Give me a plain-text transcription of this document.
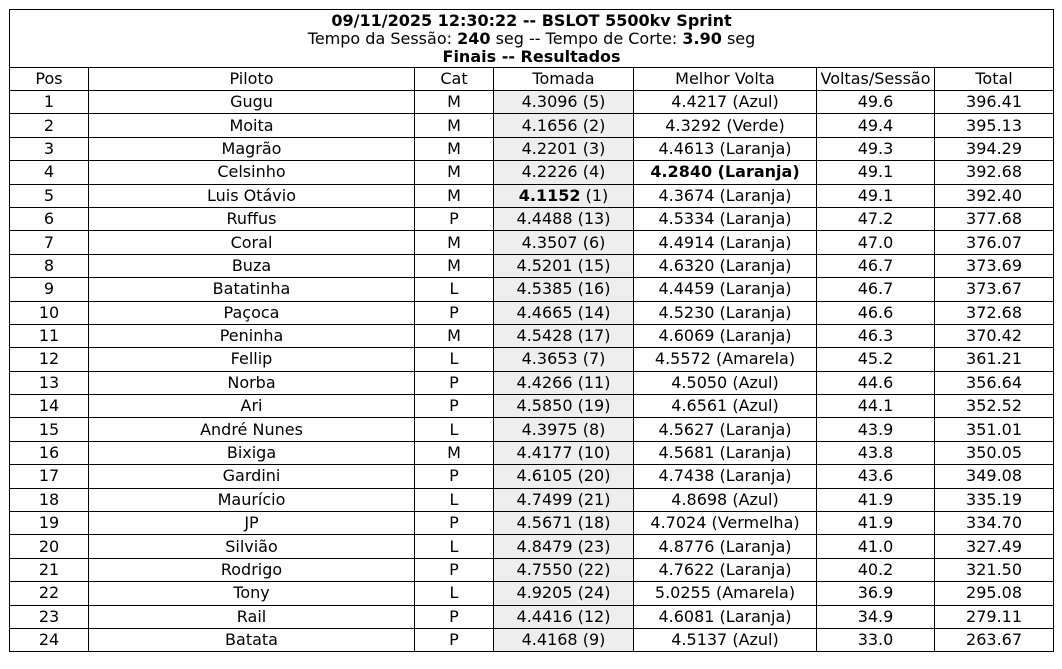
09/11/2025 12:30:22 -- BSLOT 5500kv Sprint
Tempo da Sessão: 240 seg -- Tempo de Corte: 3.90 seg
Finais -- Resultados						

Pos	Piloto	Cat	Tomada	Melhor Volta	Voltas/Sessão	Total
1	Gugu	M	4.3096 (5)	4.4217 (Azul)	49.6	396.41
2	Moita	M	4.1656 (2)	4.3292 (Verde)	49.4	395.13
3	Magrão	M	4.2201 (3)	4.4613 (Laranja)	49.3	394.29
4	Celsinho	M	4.2226 (4)	4.2840 (Laranja)	49.1	392.68
5	Luis Otávio	M	4.1152 (1)	4.3674 (Laranja)	49.1	392.40
6	Ruffus	P	4.4488 (13)	4.5334 (Laranja)	47.2	377.68
7	Coral	M	4.3507 (6)	4.4914 (Laranja)	47.0	376.07
8	Buza	M	4.5201 (15)	4.6320 (Laranja)	46.7	373.69
9	Batatinha	L	4.5385 (16)	4.4459 (Laranja)	46.7	373.67
10	Paçoca	P	4.4665 (14)	4.5230 (Laranja)	46.6	372.68
11	Peninha	M	4.5428 (17)	4.6069 (Laranja)	46.3	370.42
12	Fellip	L	4.3653 (7)	4.5572 (Amarela)	45.2	361.21
13	Norba	P	4.4266 (11)	4.5050 (Azul)	44.6	356.64
14	Ari	P	4.5850 (19)	4.6561 (Azul)	44.1	352.52
15	André Nunes	L	4.3975 (8)	4.5627 (Laranja)	43.9	351.01
16	Bixiga	M	4.4177 (10)	4.5681 (Laranja)	43.8	350.05
17	Gardini	P	4.6105 (20)	4.7438 (Laranja)	43.6	349.08
18	Maurício	L	4.7499 (21)	4.8698 (Azul)	41.9	335.19
19	JP	P	4.5671 (18)	4.7024 (Vermelha)	41.9	334.70
20	Silvião	L	4.8479 (23)	4.8776 (Laranja)	41.0	327.49
21	Rodrigo	P	4.7550 (22)	4.7622 (Laranja)	40.2	321.50
22	Tony	L	4.9205 (24)	5.0255 (Amarela)	36.9	295.08
23	Rail	P	4.4416 (12)	4.6081 (Laranja)	34.9	279.11
24	Batata	P	4.4168 (9)	4.5137 (Azul)	33.0	263.67
